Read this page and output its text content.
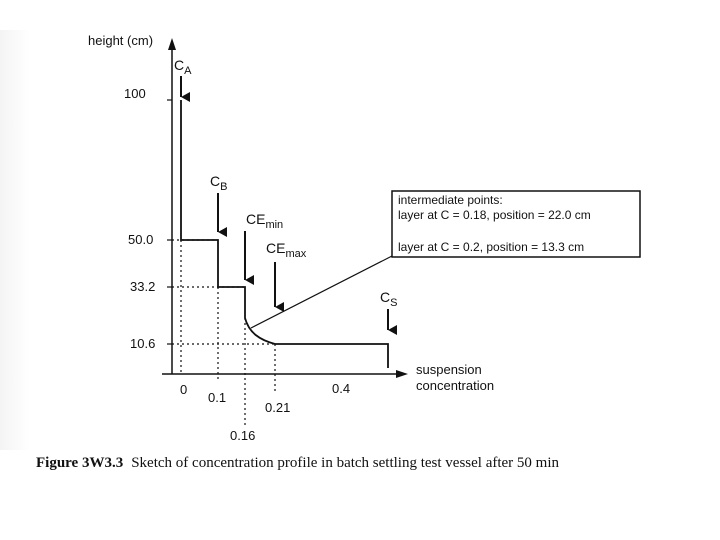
height (cm)
100
50.0
33.2
10.6
0
0.1
0.16
0.21
0.4
suspension
concentration
$C_A$
$C_B$
$CE_{min}$
$CE_{max}$
$C_S$
intermediate points:
layer at C = 0.18, position = 22.0 cm
layer at C = 0.2, position = 13.3 cm
Figure 3W3.3 Sketch of concentration profile in batch settling test vessel after 50 min
